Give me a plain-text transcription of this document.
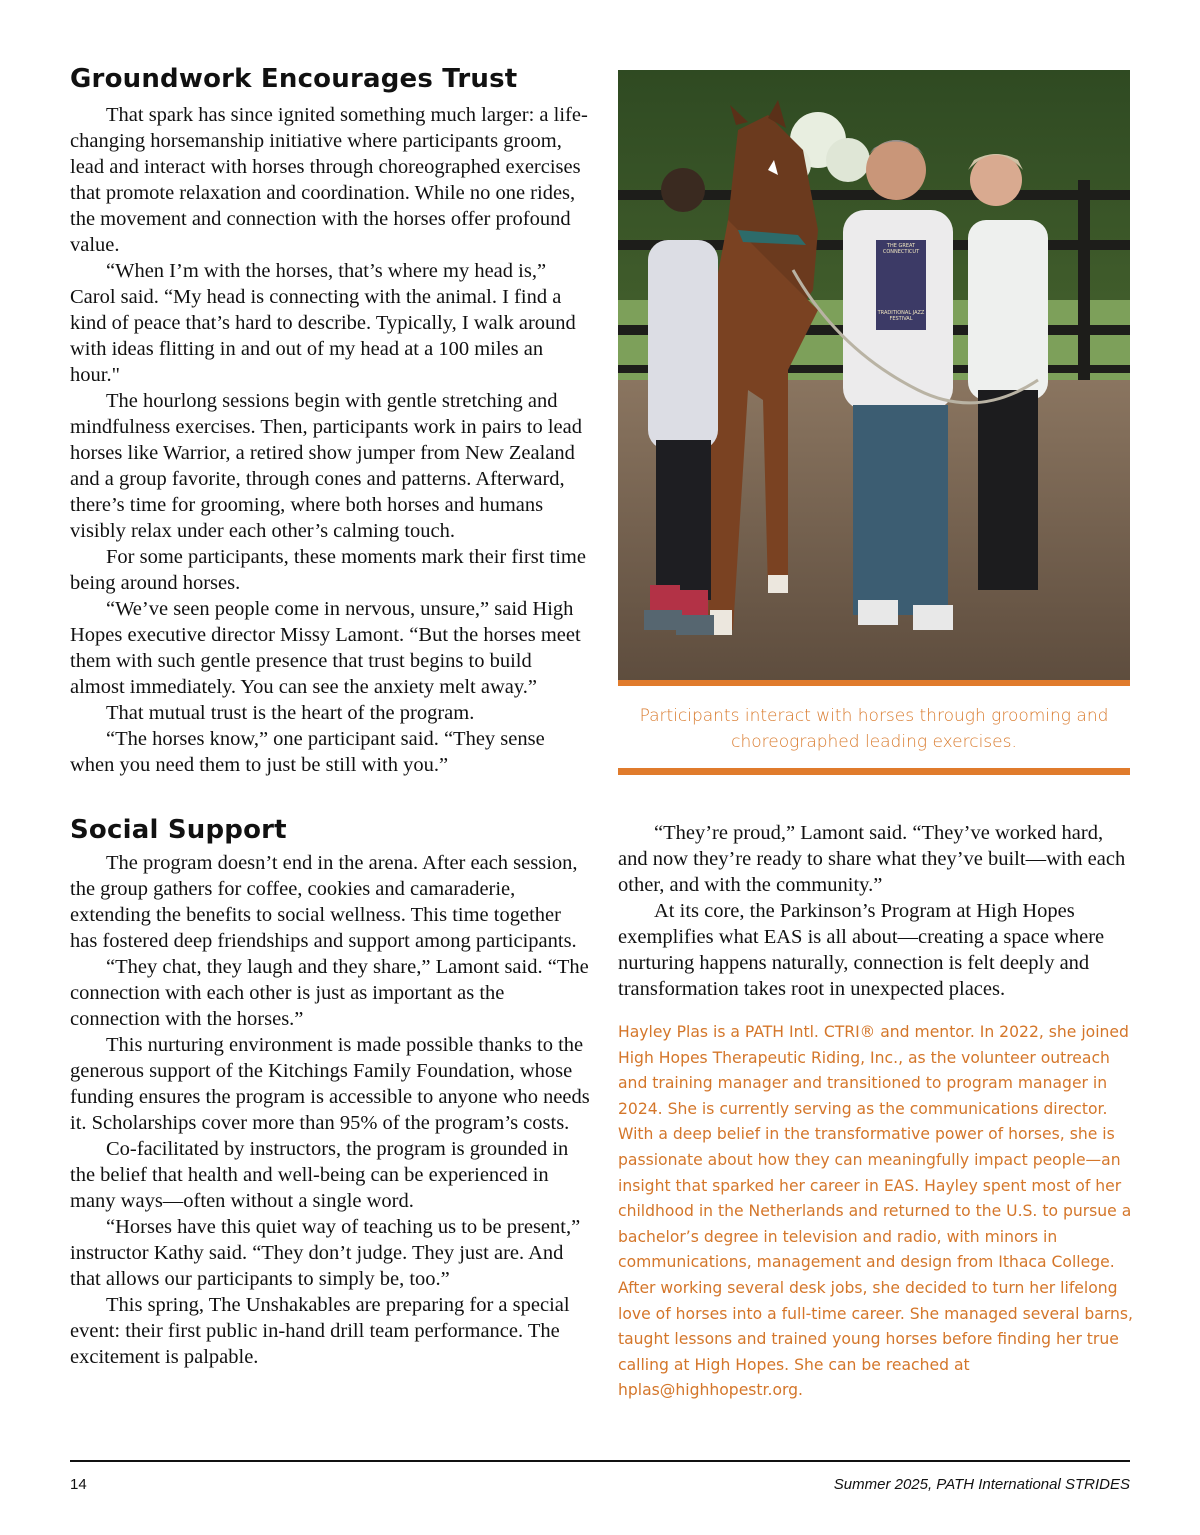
Groundwork Encourages Trust

That spark has since ignited something much larger: a life-changing horsemanship initiative where participants groom, lead and interact with horses through choreographed exercises that promote relaxation and coordination. While no one rides, the movement and connection with the horses offer profound value.

“When I’m with the horses, that’s where my head is,” Carol said. “My head is connecting with the animal. I find a kind of peace that’s hard to describe. Typically, I walk around with ideas flitting in and out of my head at a 100 miles an hour."

The hourlong sessions begin with gentle stretching and mindfulness exercises. Then, participants work in pairs to lead horses like Warrior, a retired show jumper from New Zealand and a group favorite, through cones and patterns. Afterward, there’s time for grooming, where both horses and humans visibly relax under each other’s calming touch.

For some participants, these moments mark their first time being around horses.

“We’ve seen people come in nervous, unsure,” said High Hopes executive director Missy Lamont. “But the horses meet them with such gentle presence that trust begins to build almost immediately. You can see the anxiety melt away.”

That mutual trust is the heart of the program.

“The horses know,” one participant said. “They sense when you need them to just be still with you.”

THE GREAT CONNECTICUT
TRADITIONAL JAZZ FESTIVAL
Participants interact with horses through grooming and choreographed leading exercises.
Social Support

The program doesn’t end in the arena. After each session, the group gathers for coffee, cookies and camaraderie, extending the benefits to social wellness. This time together has fostered deep friendships and support among participants.

“They chat, they laugh and they share,” Lamont said. “The connection with each other is just as important as the connection with the horses.”

This nurturing environment is made possible thanks to the generous support of the Kitchings Family Foundation, whose funding ensures the program is accessible to anyone who needs it. Scholarships cover more than 95% of the program’s costs.

Co-facilitated by instructors, the program is grounded in the belief that health and well-being can be experienced in many ways—often without a single word.

“Horses have this quiet way of teaching us to be present,” instructor Kathy said. “They don’t judge. They just are. And that allows our participants to simply be, too.”

This spring, The Unshakables are preparing for a special event: their first public in-hand drill team performance. The excitement is palpable.

“They’re proud,” Lamont said. “They’ve worked hard, and now they’re ready to share what they’ve built—with each other, and with the community.”

At its core, the Parkinson’s Program at High Hopes exemplifies what EAS is all about—creating a space where nurturing happens naturally, connection is felt deeply and transformation takes root in unexpected places.

Hayley Plas is a PATH Intl. CTRI® and mentor. In 2022, she joined High Hopes Therapeutic Riding, Inc., as the volunteer outreach and training manager and transitioned to program manager in 2024. She is currently serving as the communications director. With a deep belief in the transformative power of horses, she is passionate about how they can meaningfully impact people—an insight that sparked her career in EAS. Hayley spent most of her childhood in the Netherlands and returned to the U.S. to pursue a bachelor’s degree in television and radio, with minors in communications, management and design from Ithaca College. After working several desk jobs, she decided to turn her lifelong love of horses into a full-time career. She managed several barns, taught lessons and trained young horses before finding her true calling at High Hopes. She can be reached at hplas@highhopestr.org.
14	Summer 2025, PATH International STRIDES
